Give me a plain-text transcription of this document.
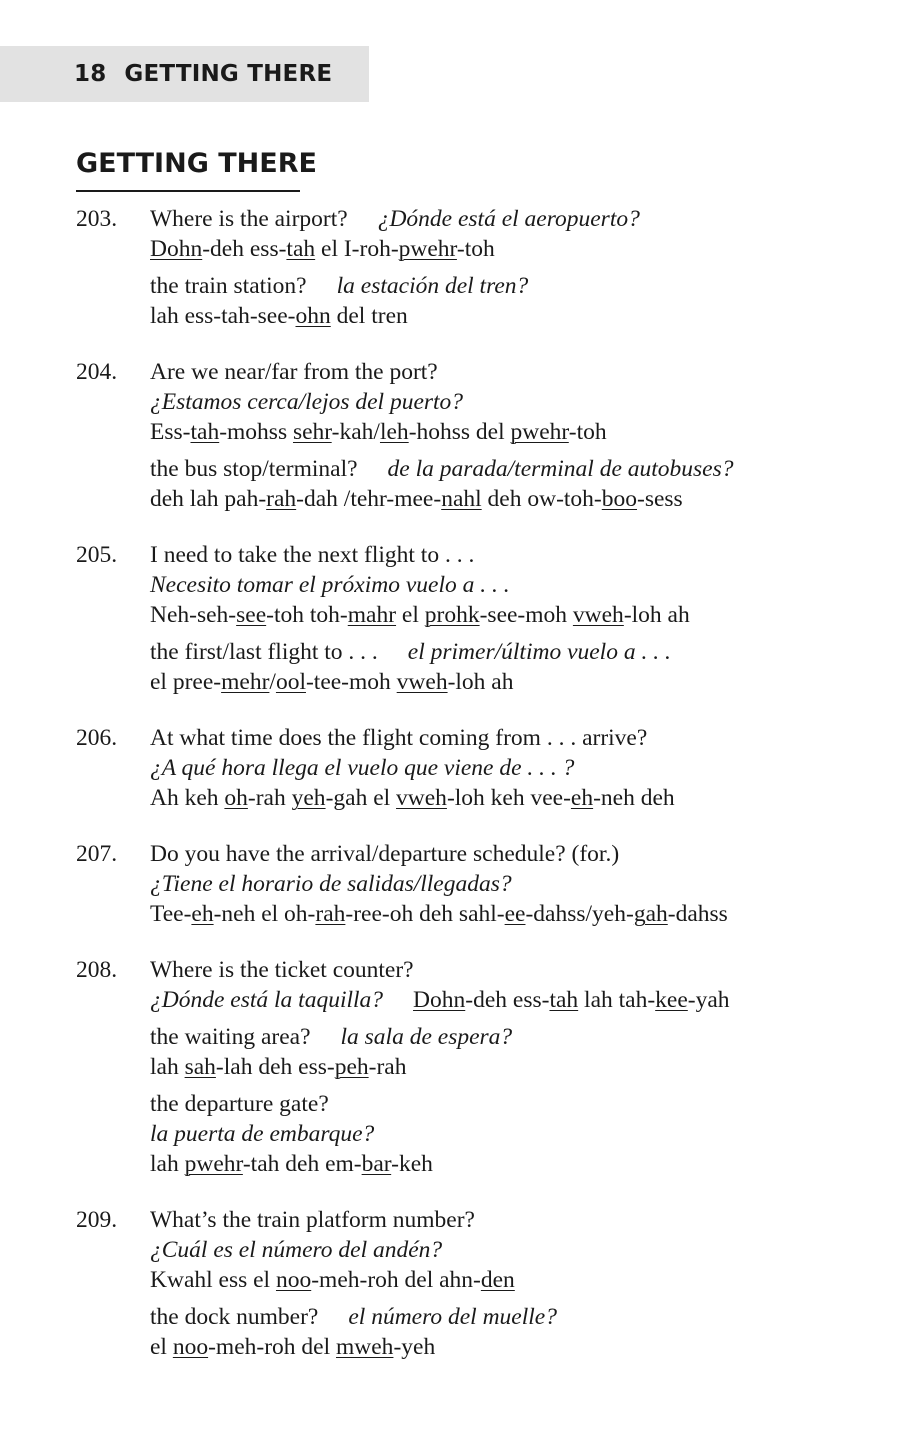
18 GETTING THERE
GETTING THERE
203. Where is the airport? ¿Dónde está el aeropuerto?
Dohn-deh ess-tah el I-roh-pwehr-toh
the train station? la estación del tren?
lah ess-tah-see-ohn del tren
204. Are we near/far from the port?
¿Estamos cerca/lejos del puerto?
Ess-tah-mohss sehr-kah/leh-hohss del pwehr-toh
the bus stop/terminal? de la parada/terminal de autobuses?
deh lah pah-rah-dah /tehr-mee-nahl deh ow-toh-boo-sess
205. I need to take the next flight to . . .
Necesito tomar el próximo vuelo a . . .
Neh-seh-see-toh toh-mahr el prohk-see-moh vweh-loh ah
the first/last flight to . . . el primer/último vuelo a . . .
el pree-mehr/ool-tee-moh vweh-loh ah
206. At what time does the flight coming from . . . arrive?
¿A qué hora llega el vuelo que viene de . . . ?
Ah keh oh-rah yeh-gah el vweh-loh keh vee-eh-neh deh
207. Do you have the arrival/departure schedule? (for.)
¿Tiene el horario de salidas/llegadas?
Tee-eh-neh el oh-rah-ree-oh deh sahl-ee-dahss/yeh-gah-dahss
208. Where is the ticket counter?
¿Dónde está la taquilla? Dohn-deh ess-tah lah tah-kee-yah
the waiting area? la sala de espera?
lah sah-lah deh ess-peh-rah
the departure gate?
la puerta de embarque?
lah pwehr-tah deh em-bar-keh
209. What’s the train platform number?
¿Cuál es el número del andén?
Kwahl ess el noo-meh-roh del ahn-den
the dock number? el número del muelle?
el noo-meh-roh del mweh-yeh
